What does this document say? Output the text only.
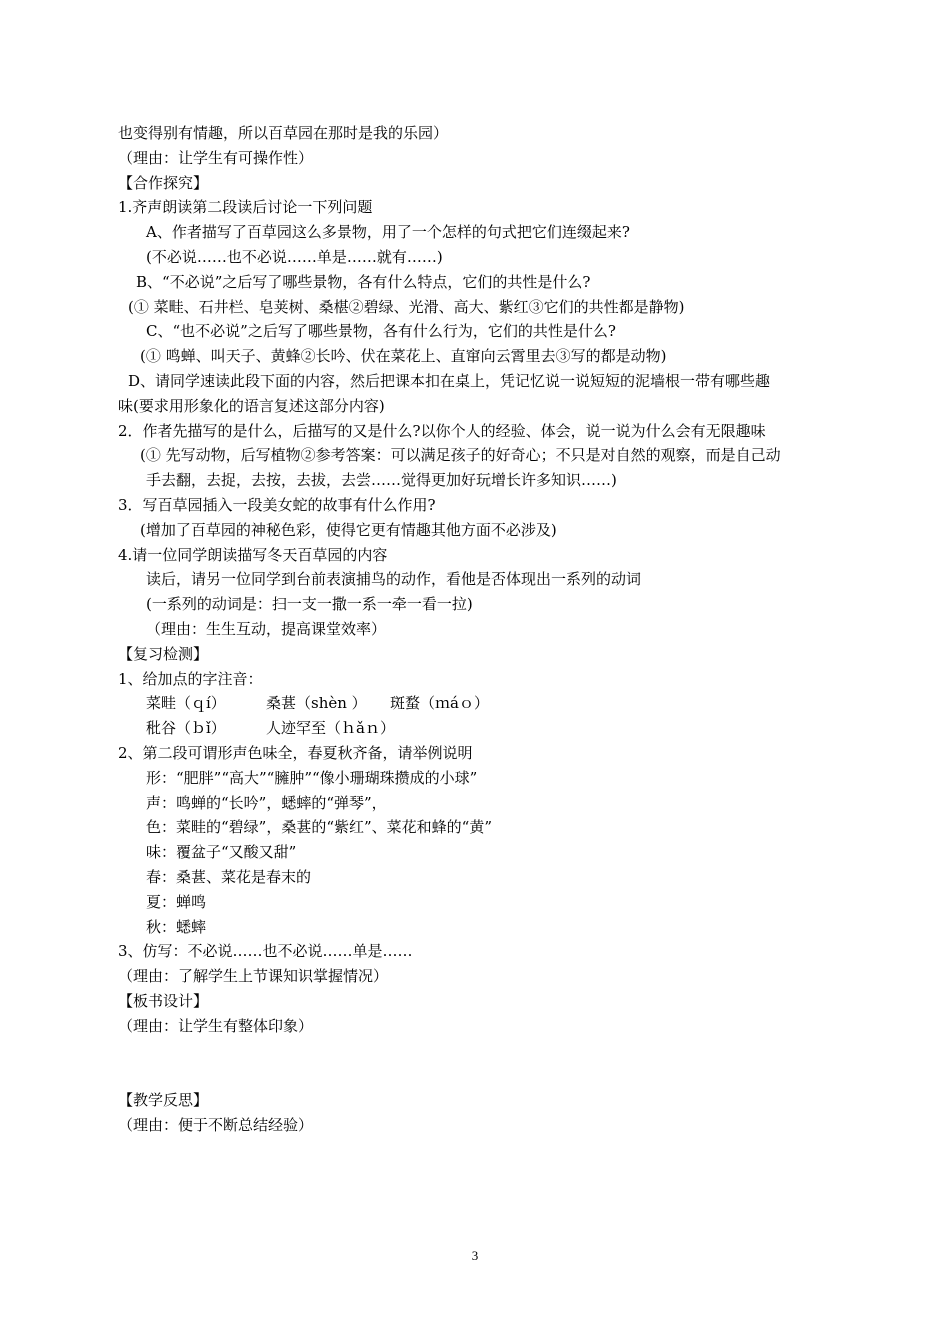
也变得别有情趣，所以百草园在那时是我的乐园）
（理由：让学生有可操作性）
【合作探究】
1.齐声朗读第二段读后讨论一下列问题
A、作者描写了百草园这么多景物，用了一个怎样的句式把它们连缀起来?
(不必说……也不必说……单是……就有……)
B、“不必说”之后写了哪些景物，各有什么特点，它们的共性是什么?
(① 菜畦、石井栏、皂荚树、桑椹②碧绿、光滑、高大、紫红③它们的共性都是静物)
C、“也不必说”之后写了哪些景物，各有什么行为，它们的共性是什么?
(① 鸣蝉、叫天子、黄蜂②长吟、伏在菜花上、直窜向云霄里去③写的都是动物)
D、请同学速读此段下面的内容，然后把课本扣在桌上，凭记忆说一说短短的泥墙根一带有哪些趣
味(要求用形象化的语言复述这部分内容)
2．作者先描写的是什么，后描写的又是什么?以你个人的经验、体会，说一说为什么会有无限趣味
(① 先写动物，后写植物②参考答案：可以满足孩子的好奇心；不只是对自然的观察，而是自己动
手去翻，去捉，去按，去拔，去尝……觉得更加好玩增长许多知识……)
3．写百草园插入一段美女蛇的故事有什么作用?
(增加了百草园的神秘色彩，使得它更有情趣其他方面不必涉及)
4.请一位同学朗读描写冬天百草园的内容
读后，请另一位同学到台前表演捕鸟的动作，看他是否体现出一系列的动词
(一系列的动词是：扫一支一撒一系一牵一看一拉)
（理由：生生互动，提高课堂效率）
【复习检测】
1、给加点的字注音：
菜畦（ｑí）	桑葚（shèn ） 斑蝥（ｍáｏ）
秕谷（ｂǐ）	人迹罕至（ｈǎｎ）
2、第二段可谓形声色味全，春夏秋齐备，请举例说明
形：“肥胖”“高大”“臃肿”“像小珊瑚珠攒成的小球”
声：鸣蝉的“长吟”，蟋蟀的“弹琴”，
色：菜畦的“碧绿”，桑葚的“紫红”、菜花和蜂的“黄”
味：覆盆子“又酸又甜”
春：桑葚、菜花是春末的
夏：蝉鸣
秋：蟋蟀
3、仿写：不必说……也不必说……单是……
（理由：了解学生上节课知识掌握情况）
【板书设计】
（理由：让学生有整体印象）
【教学反思】
（理由：便于不断总结经验）
3
